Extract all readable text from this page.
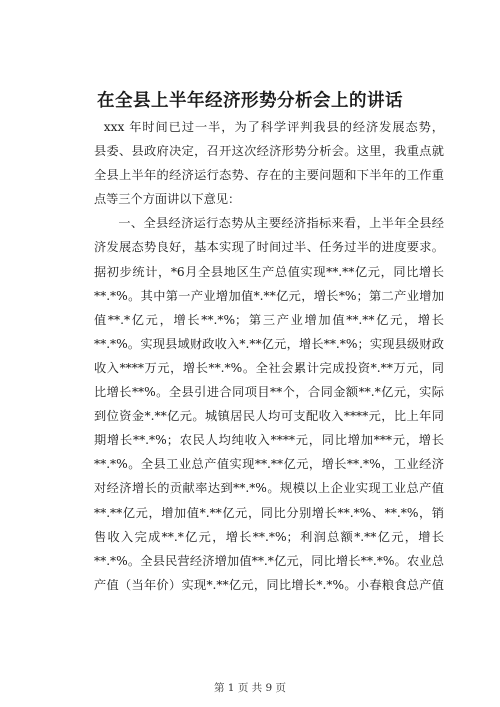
在全县上半年经济形势分析会上的讲话
xxx 年时间已过一半，为了科学评判我县的经济发展态势，
县委、县政府决定，召开这次经济形势分析会。这里，我重点就
全县上半年的经济运行态势、存在的主要问题和下半年的工作重
点等三个方面讲以下意见：
一、全县经济运行态势从主要经济指标来看，上半年全县经
济发展态势良好，基本实现了时间过半、任务过半的进度要求。
据初步统计，*6月全县地区生产总值实现**.**亿元，同比增长
**.*%。其中第一产业增加值*.**亿元，增长*%；第二产业增加
值**.*亿元，增长**.*%；第三产业增加值**.**亿元，增长
**.*%。实现县域财政收入*.**亿元，增长**.*%；实现县级财政
收入****万元，增长**.*%。全社会累计完成投资*.**万元，同
比增长**%。全县引进合同项目**个，合同金额**.*亿元，实际
到位资金*.**亿元。城镇居民人均可支配收入****元，比上年同
期增长**.*%；农民人均纯收入****元，同比增加***元，增长
**.*%。全县工业总产值实现**.**亿元，增长**.*%，工业经济
对经济增长的贡献率达到**.*%。规模以上企业实现工业总产值
**.**亿元，增加值*.**亿元，同比分别增长**.*%、**.*%，销
售收入完成**.*亿元，增长**.*%；利润总额*.**亿元，增长
**.*%。全县民营经济增加值**.*亿元，同比增长**.*%。农业总
产值（当年价）实现*.**亿元，同比增长*.*%。小春粮食总产值
第 1 页 共 9 页
